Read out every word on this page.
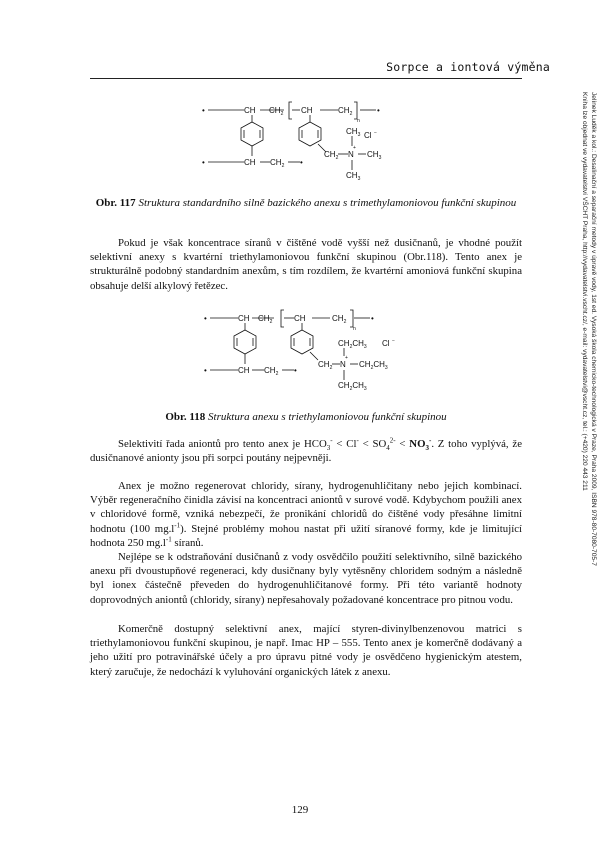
Sorpce a iontová výměna
Jelínek Luděk a kol.: Desalinační a separační metody v úpravě vody, 1st ed. Vysoká škola chemicko-technologická v Praze, Praha 2009, ISBN 978-80-7080-705-7
Kniha lze objednat ve vydavatelství VŠCHT Praha, http://vydavatelstvi.vscht.cz/, e-mail: vydavatelstvi@vscht.cz, tel.: (+420) 220 443 211
•	CH $CH_2$ CH	$CH_2$
n
•
•	CH $CH_2$ •
$CH_2$ N
+
$CH_3$ Cl −
$CH_3$
$CH_3$
Obr. 117 Struktura standardního silně bazického anexu s trimethylamoniovou funkční skupinou
Pokud je však koncentrace síranů v čištěné vodě vyšší než dusičnanů, je vhodné použít selektivní anexy s kvartérní triethylamoniovou funkční skupinou (Obr.118). Tento anex je strukturálně podobný standardním anexům, s tím rozdílem, že kvartérní amoniová funkční skupina obsahuje delší alkylový řetězec.
•	CH $CH_2$	CH	$CH_2$
n
•
•	CH $CH_2$ •
$CH_2$ N
+
$CH_2CH_3$ Cl −
$CH_2CH_3$
$CH_2CH_3$
Obr. 118 Struktura anexu s triethylamoniovou funkční skupinou
Selektivití řada aniontů pro tento anex je $HCO_3^- < Cl^- < SO_4^{2-} < NO_3^-$. Z toho vyplývá, že dusičnanové anionty jsou při sorpci poutány nejpevněji.
Anex je možno regenerovat chloridy, sírany, hydrogenuhličitany nebo jejich kombinací. Výběr regeneračního činidla závisí na koncentraci aniontů v surové vodě. Kdybychom použili anex v chloridové formě, vzniká nebezpečí, že pronikání chloridů do čištěné vody přesáhne limitní hodnotu (100 $mg.l^{-1}$). Stejné problémy mohou nastat při užití síranové formy, kde je limitující hodnota 250 $mg.l^{-1}$ síranů.
Nejlépe se k odstraňování dusičnanů z vody osvědčilo použití selektivního, silně bazického anexu při dvoustupňové regeneraci, kdy dusičnany byly vytěsněny chloridem sodným a následně byl ionex částečně převeden do hydrogenuhličitanové formy. Při této variantě hodnoty doprovodných aniontů (chloridy, sírany) nepřesahovaly požadované koncentrace pro pitnou vodu.
Komerčně dostupný selektivní anex, mající styren-divinylbenzenovou matrici s triethylamoniovou funkční skupinou, je např. Imac HP – 555. Tento anex je komerčně dodávaný a jeho užití pro potravinářské účely a pro úpravu pitné vody je osvědčeno hygienickým atestem, který zaručuje, že nedochází k vyluhování organických látek z anexu.
129
